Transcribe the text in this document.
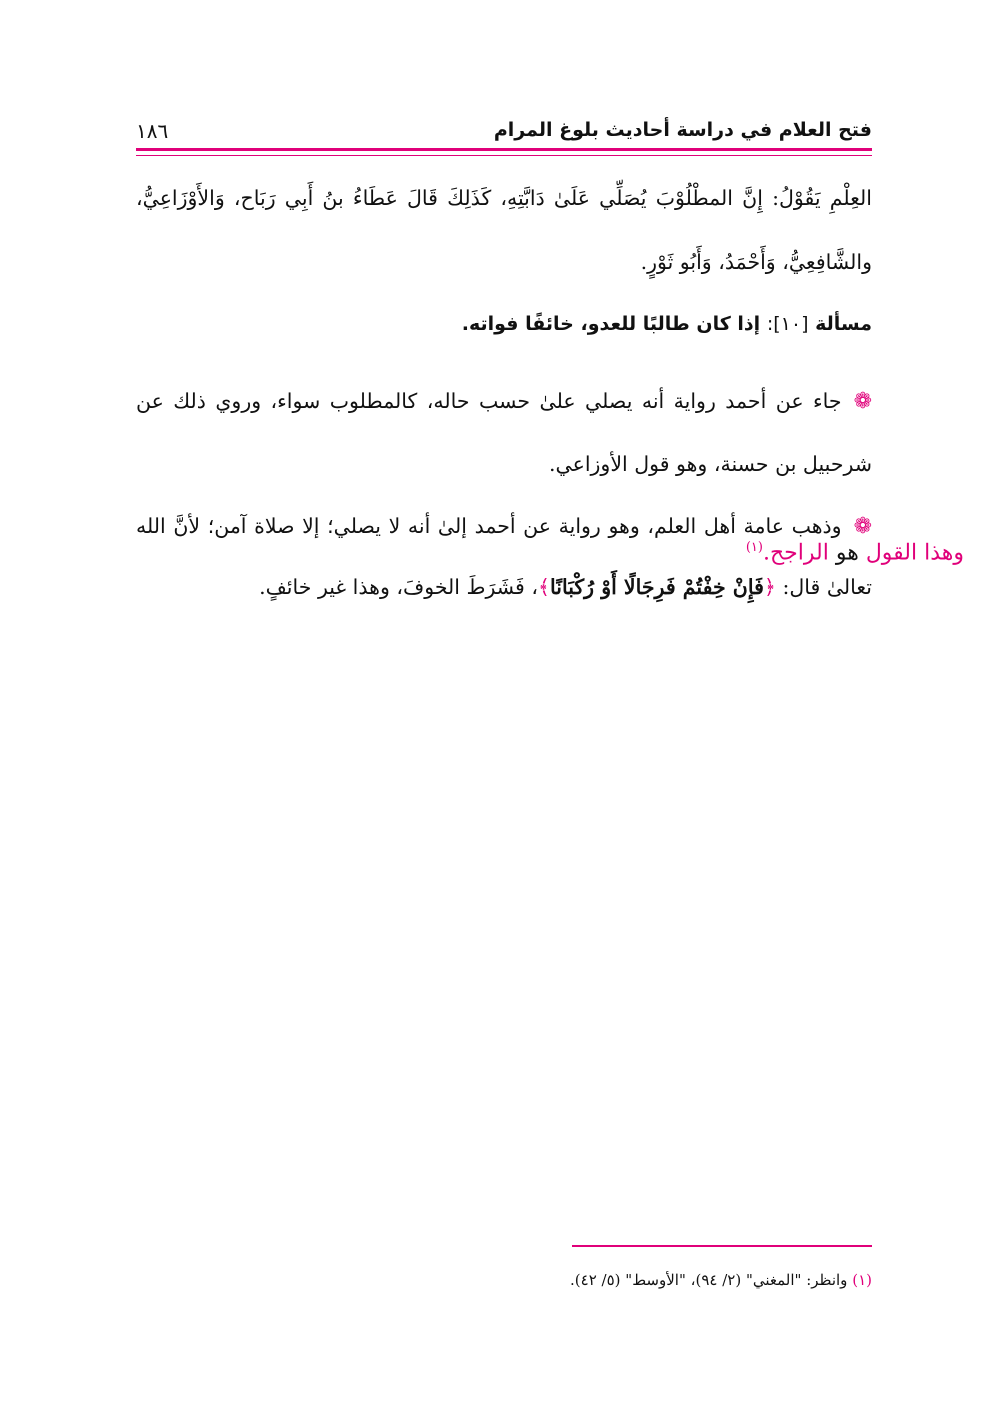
فتح العلام في دراسة أحاديث بلوغ المرام
١٨٦

العِلْمِ يَقُوْلُ: إِنَّ المطْلُوْبَ يُصَلِّي عَلَىٰ دَابَّتِهِ، كَذَلِكَ قَالَ عَطَاءُ بنُ أَبِي رَبَاح، وَالأَوْزَاعِيُّ، والشَّافِعِيُّ، وَأَحْمَدُ، وَأَبُو ثَوْرٍ.

مسألة [١٠]: إذا كان طالبًا للعدو، خائفًا فواته.

❁جاء عن أحمد رواية أنه يصلي علىٰ حسب حاله، كالمطلوب سواء، وروي ذلك عن شرحبيل بن حسنة، وهو قول الأوزاعي.

❁وذهب عامة أهل العلم، وهو رواية عن أحمد إلىٰ أنه لا يصلي؛ إلا صلاة آمن؛ لأنَّ الله تعالىٰ قال: ﴿فَإِنْ خِفْتُمْ فَرِجَالًا أَوْ رُكْبَانًا﴾، فَشَرَطَ الخوفَ، وهذا غير خائفٍ.

وهذا القول هو الراجح.$^{(١)}$
(١) وانظر: "المغني" (٢/ ٩٤)، "الأوسط" (٥/ ٤٢).
